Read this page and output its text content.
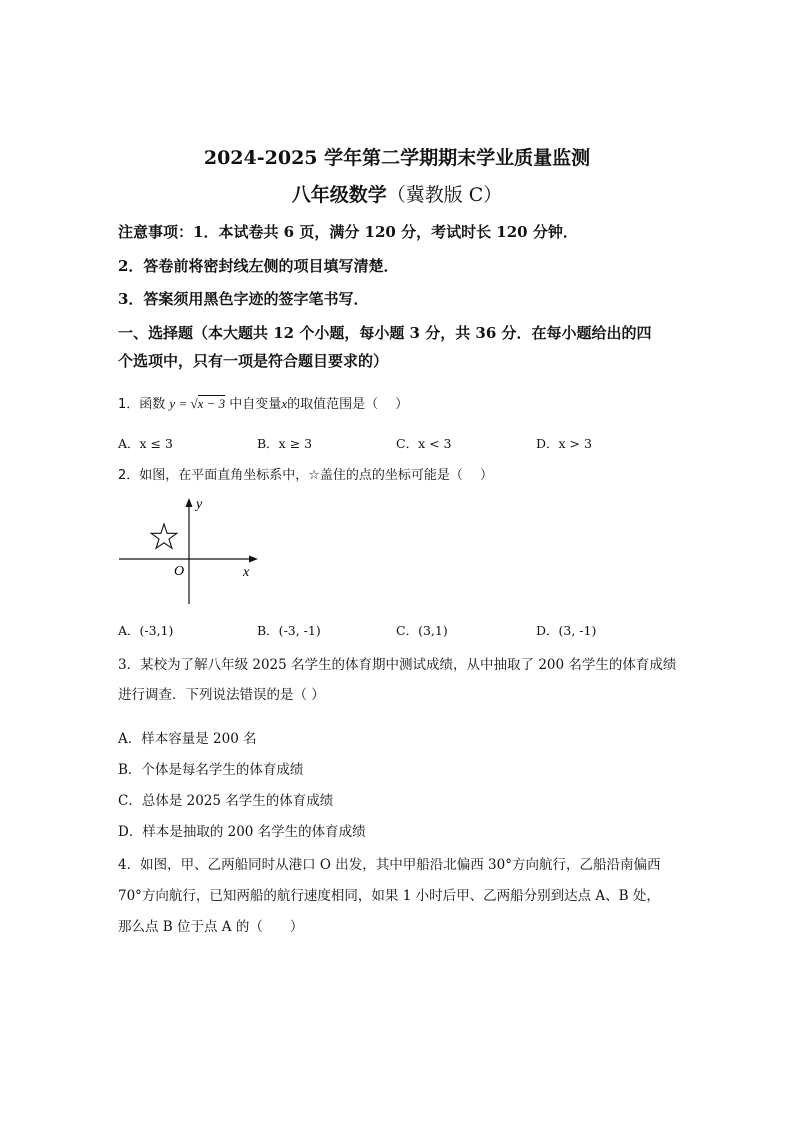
2024-2025 学年第二学期期末学业质量监测
八年级数学（冀教版 C）
注意事项：1．本试卷共 6 页，满分 120 分，考试时长 120 分钟．
2．答卷前将密封线左侧的项目填写清楚．
3．答案须用黑色字迹的签字笔书写．
一、选择题（本大题共 12 个小题，每小题 3 分，共 36 分．在每小题给出的四
个选项中，只有一项是符合题目要求的）
1．函数 y = √x − 3 中自变量x的取值范围是（　 ）
A．x ≤ 3	B．x ≥ 3	C．x < 3	D．x > 3
2．如图，在平面直角坐标系中，☆盖住的点的坐标可能是（　 ）
y
x
O
A．(-3,1)	B．(-3, -1)	C．(3,1)	D．(3, -1)
3．某校为了解八年级 2025 名学生的体育期中测试成绩，从中抽取了 200 名学生的体育成绩
进行调查．下列说法错误的是（ ）
A．样本容量是 200 名
B．个体是每名学生的体育成绩
C．总体是 2025 名学生的体育成绩
D．样本是抽取的 200 名学生的体育成绩
4．如图，甲、乙两船同时从港口 O 出发，其中甲船沿北偏西 30°方向航行，乙船沿南偏西
70°方向航行，已知两船的航行速度相同，如果 1 小时后甲、乙两船分别到达点 A、B 处，
那么点 B 位于点 A 的（　　）
